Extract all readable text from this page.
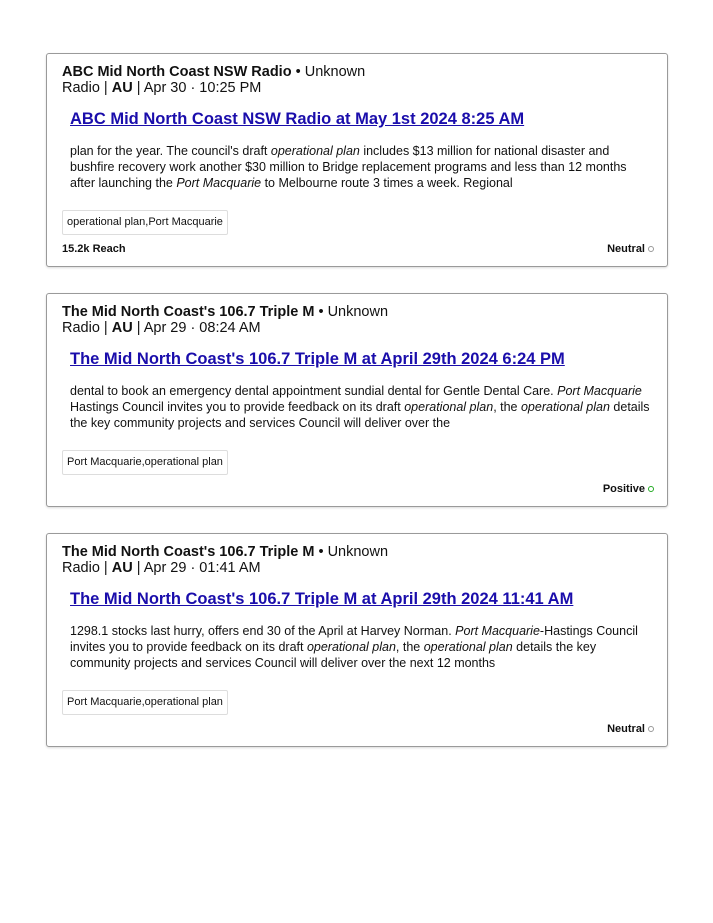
ABC Mid North Coast NSW Radio • Unknown
Radio | AU | Apr 30 · 10:25 PM
ABC Mid North Coast NSW Radio at May 1st 2024 8:25 AM
plan for the year. The council's draft operational plan includes $13 million for national disaster and bushfire recovery work another $30 million to Bridge replacement programs and less than 12 months after launching the Port Macquarie to Melbourne route 3 times a week. Regional
operational plan,Port Macquarie
15.2k Reach	Neutral
The Mid North Coast's 106.7 Triple M • Unknown
Radio | AU | Apr 29 · 08:24 AM
The Mid North Coast's 106.7 Triple M at April 29th 2024 6:24 PM
dental to book an emergency dental appointment sundial dental for Gentle Dental Care. Port Macquarie Hastings Council invites you to provide feedback on its draft operational plan, the operational plan details the key community projects and services Council will deliver over the
Port Macquarie,operational plan
Positive
The Mid North Coast's 106.7 Triple M • Unknown
Radio | AU | Apr 29 · 01:41 AM
The Mid North Coast's 106.7 Triple M at April 29th 2024 11:41 AM
1298.1 stocks last hurry, offers end 30 of the April at Harvey Norman. Port Macquarie-Hastings Council invites you to provide feedback on its draft operational plan, the operational plan details the key community projects and services Council will deliver over the next 12 months
Port Macquarie,operational plan
Neutral
